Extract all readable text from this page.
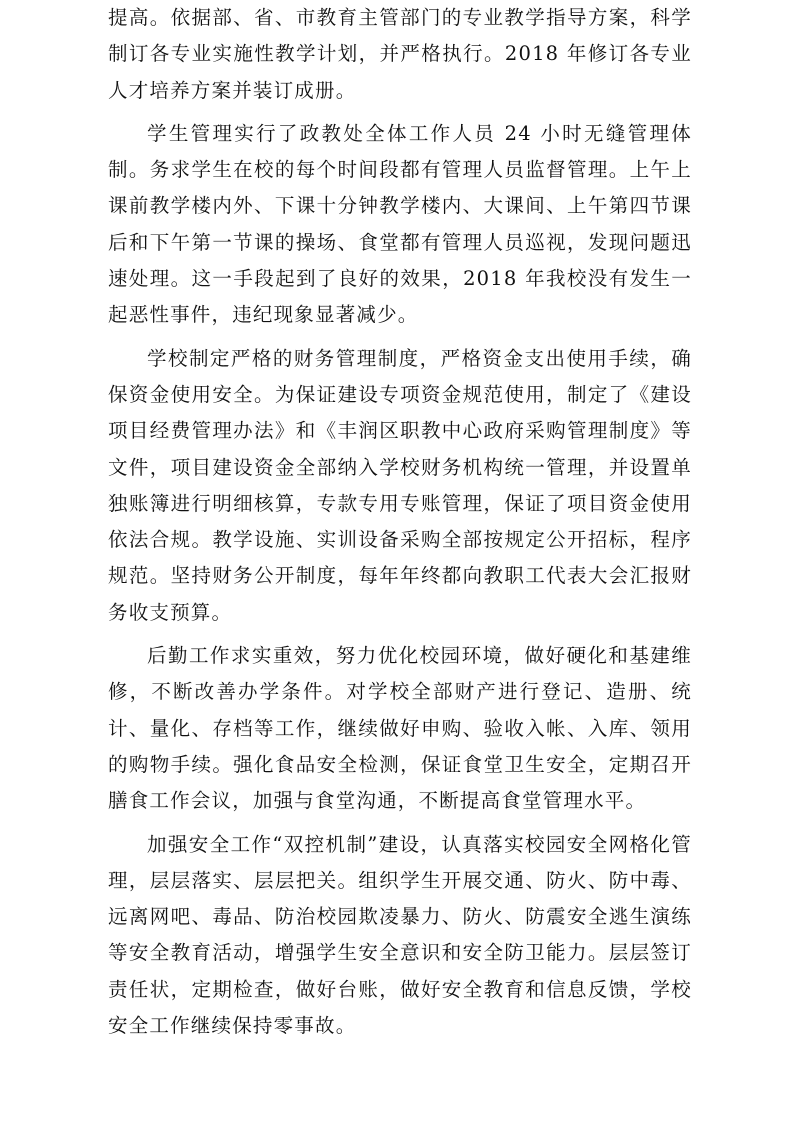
提高。依据部、省、市教育主管部门的专业教学指导方案，科学制订各专业实施性教学计划，并严格执行。2018 年修订各专业人才培养方案并装订成册。

学生管理实行了政教处全体工作人员 24 小时无缝管理体制。务求学生在校的每个时间段都有管理人员监督管理。上午上课前教学楼内外、下课十分钟教学楼内、大课间、上午第四节课后和下午第一节课的操场、食堂都有管理人员巡视，发现问题迅速处理。这一手段起到了良好的效果，2018 年我校没有发生一起恶性事件，违纪现象显著减少。

学校制定严格的财务管理制度，严格资金支出使用手续，确保资金使用安全。为保证建设专项资金规范使用，制定了《建设项目经费管理办法》和《丰润区职教中心政府采购管理制度》等文件，项目建设资金全部纳入学校财务机构统一管理，并设置单独账簿进行明细核算，专款专用专账管理，保证了项目资金使用依法合规。教学设施、实训设备采购全部按规定公开招标，程序规范。坚持财务公开制度，每年年终都向教职工代表大会汇报财务收支预算。

后勤工作求实重效，努力优化校园环境，做好硬化和基建维修，不断改善办学条件。对学校全部财产进行登记、造册、统计、量化、存档等工作，继续做好申购、验收入帐、入库、领用的购物手续。强化食品安全检测，保证食堂卫生安全，定期召开膳食工作会议，加强与食堂沟通，不断提高食堂管理水平。

加强安全工作“双控机制”建设，认真落实校园安全网格化管理，层层落实、层层把关。组织学生开展交通、防火、防中毒、远离网吧、毒品、防治校园欺凌暴力、防火、防震安全逃生演练等安全教育活动，增强学生安全意识和安全防卫能力。层层签订责任状，定期检查，做好台账，做好安全教育和信息反馈，学校安全工作继续保持零事故。
